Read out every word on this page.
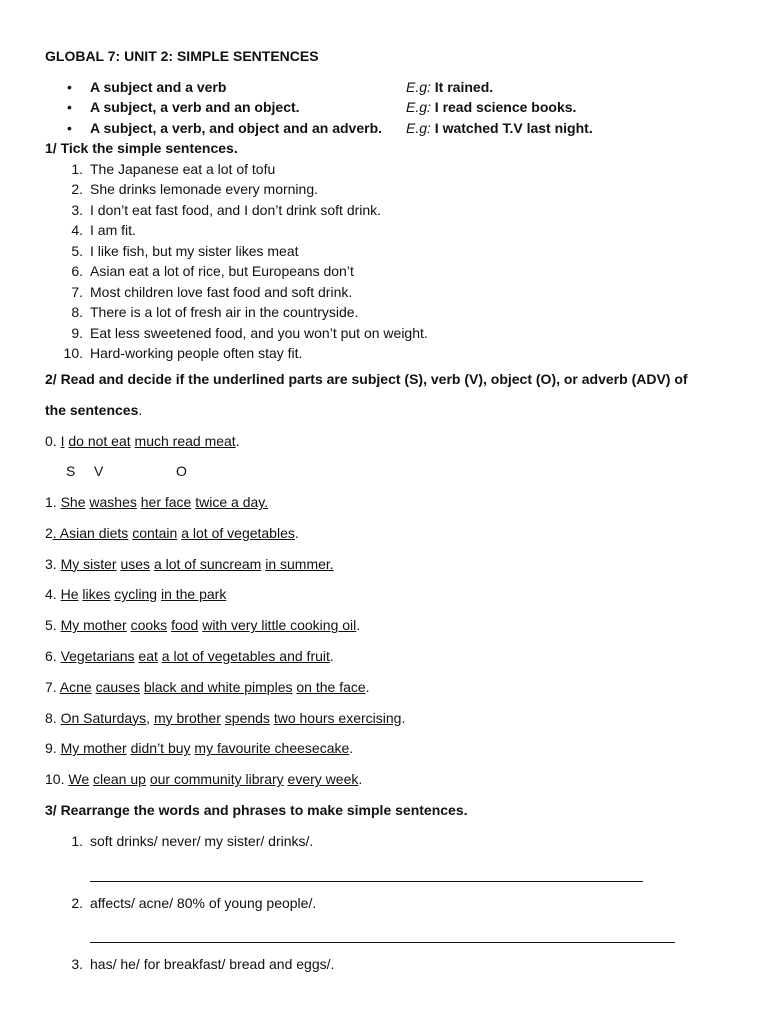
GLOBAL 7: UNIT 2: SIMPLE SENTENCES
• A subject and a verb	E.g: It rained.
• A subject, a verb and an object.	E.g: I read science books.
• A subject, a verb, and object and an adverb. E.g: I watched T.V last night.
1/ Tick the simple sentences.
1. The Japanese eat a lot of tofu
2. She drinks lemonade every morning.
3. I don’t eat fast food, and I don’t drink soft drink.
4. I am fit.
5. I like fish, but my sister likes meat
6. Asian eat a lot of rice, but Europeans don’t
7. Most children love fast food and soft drink.
8. There is a lot of fresh air in the countryside.
9. Eat less sweetened food, and you won’t put on weight.
10. Hard-working people often stay fit.
2/ Read and decide if the underlined parts are subject (S), verb (V), object (O), or adverb (ADV) of
the sentences.
0. I do not eat much read meat.
S V	O
1. She washes her face twice a day.
2. Asian diets contain a lot of vegetables.
3. My sister uses a lot of suncream in summer.
4. He likes cycling in the park
5. My mother cooks food with very little cooking oil.
6. Vegetarians eat a lot of vegetables and fruit.
7. Acne causes black and white pimples on the face.
8. On Saturdays, my brother spends two hours exercising.
9. My mother didn’t buy my favourite cheesecake.
10. We clean up our community library every week.
3/ Rearrange the words and phrases to make simple sentences.
1. soft drinks/ never/ my sister/ drinks/.
2. affects/ acne/ 80% of young people/.
3. has/ he/ for breakfast/ bread and eggs/.
